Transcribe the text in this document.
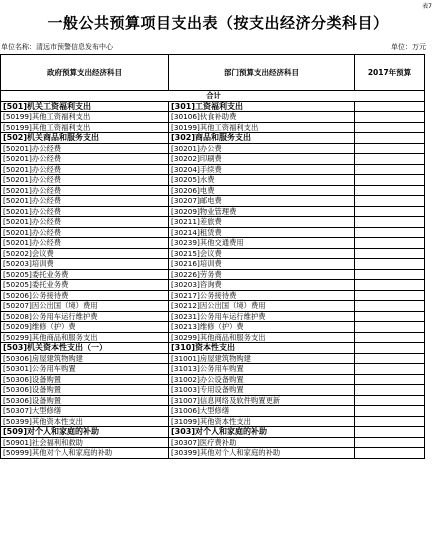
表7
一般公共预算项目支出表（按支出经济分类科目）
单位名称：清远市预警信息发布中心	单位：万元
政府预算支出经济科目	部门预算支出经济科目	2017年预算
合计		
[501]机关工资福利支出	[301]工资福利支出	
[50199]其他工资福利支出	[30106]伙食补助费	
[50199]其他工资福利支出	[30199]其他工资福利支出	
[502]机关商品和服务支出	[302]商品和服务支出	
[50201]办公经费	[30201]办公费	
[50201]办公经费	[30202]印刷费	
[50201]办公经费	[30204]手续费	
[50201]办公经费	[30205]水费	
[50201]办公经费	[30206]电费	
[50201]办公经费	[30207]邮电费	
[50201]办公经费	[30209]物业管理费	
[50201]办公经费	[30211]差旅费	
[50201]办公经费	[30214]租赁费	
[50201]办公经费	[30239]其他交通费用	
[50202]会议费	[30215]会议费	
[50203]培训费	[30216]培训费	
[50205]委托业务费	[30226]劳务费	
[50205]委托业务费	[30203]咨询费	
[50206]公务接待费	[30217]公务接待费	
[50207]因公出国（境）费用	[30212]因公出国（境）费用	
[50208]公务用车运行维护费	[30231]公务用车运行维护费	
[50209]维修（护）费	[30213]维修（护）费	
[50299]其他商品和服务支出	[30299]其他商品和服务支出	
[503]机关资本性支出（一）	[310]资本性支出	
[50306]房屋建筑物购建	[31001]房屋建筑物购建	
[50301]公务用车购置	[31013]公务用车购置	
[50306]设备购置	[31002]办公设备购置	
[50306]设备购置	[31003]专用设备购置	
[50306]设备购置	[31007]信息网络及软件购置更新	
[50307]大型修缮	[31006]大型修缮	
[50399]其他资本性支出	[31099]其他资本性支出	
[509]对个人和家庭的补助	[303]对个人和家庭的补助	
[50901]社会福利和救助	[30307]医疗费补助	
[50999]其他对个人和家庭的补助	[30399]其他对个人和家庭的补助	
